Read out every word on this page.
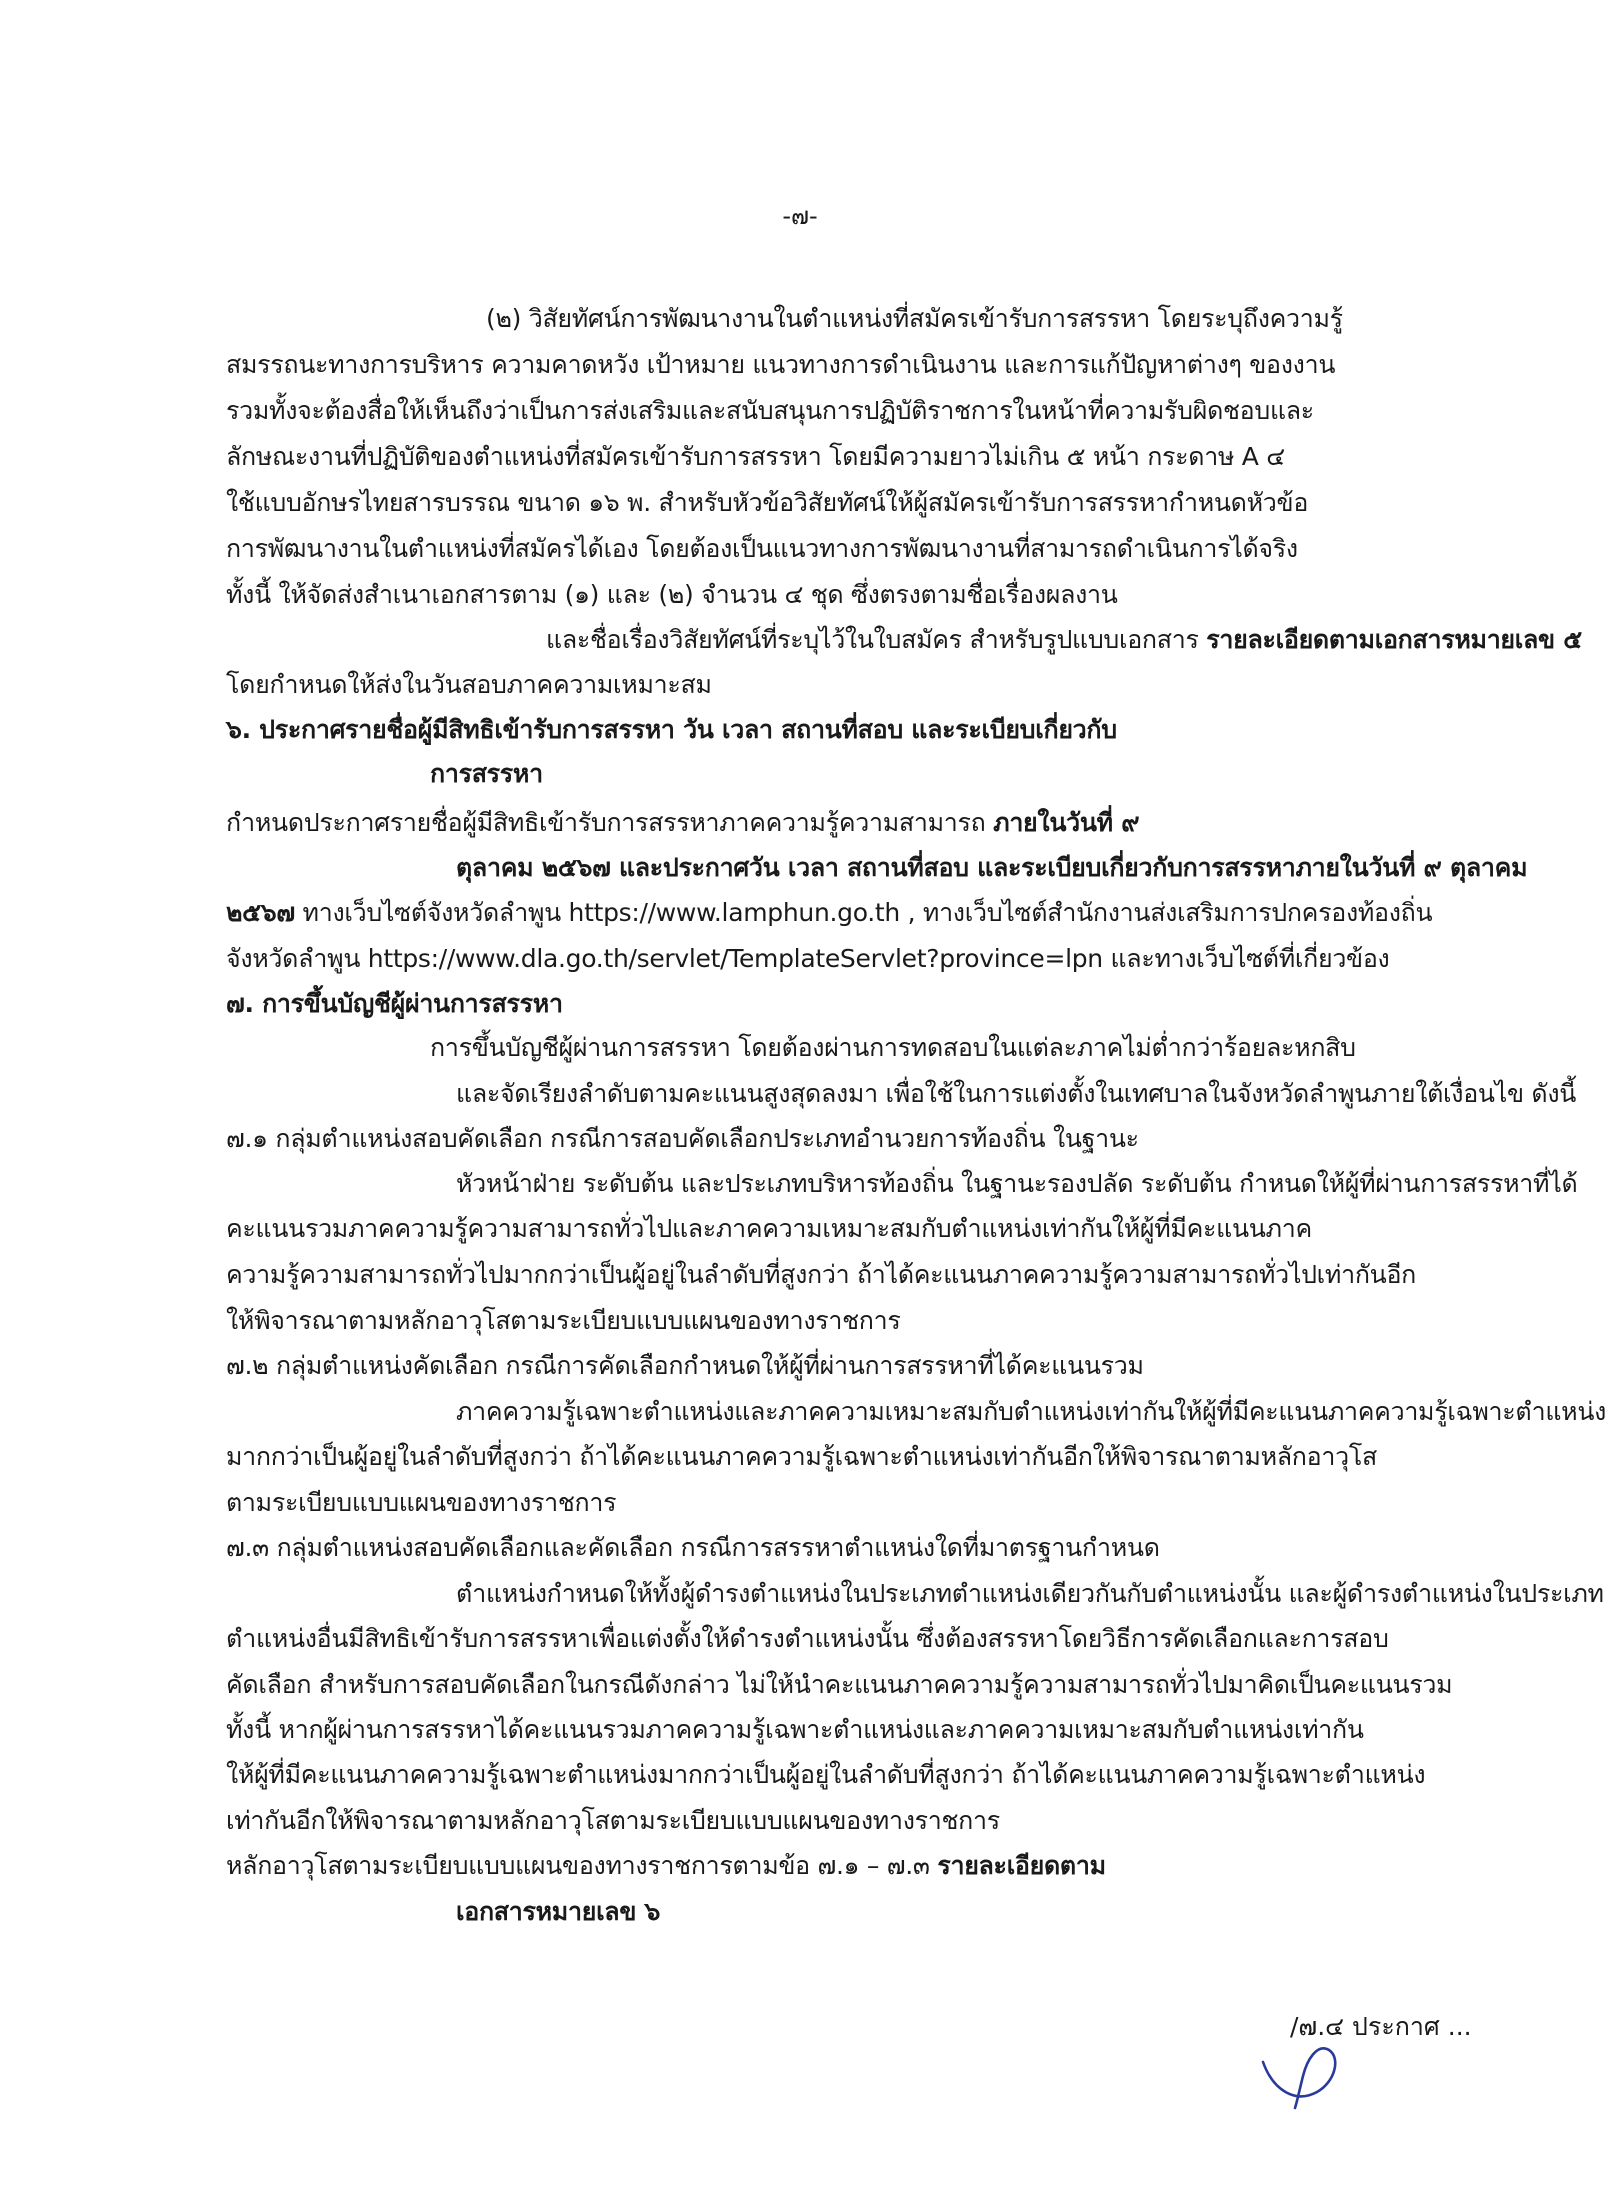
-๗-
(๒) วิสัยทัศน์การพัฒนางานในตำแหน่งที่สมัครเข้ารับการสรรหา โดยระบุถึงความรู้
สมรรถนะทางการบริหาร ความคาดหวัง เป้าหมาย แนวทางการดำเนินงาน และการแก้ปัญหาต่างๆ ของงาน
รวมทั้งจะต้องสื่อให้เห็นถึงว่าเป็นการส่งเสริมและสนับสนุนการปฏิบัติราชการในหน้าที่ความรับผิดชอบและ
ลักษณะงานที่ปฏิบัติของตำแหน่งที่สมัครเข้ารับการสรรหา โดยมีความยาวไม่เกิน ๕ หน้า กระดาษ A ๔
ใช้แบบอักษรไทยสารบรรณ ขนาด ๑๖ พ. สำหรับหัวข้อวิสัยทัศน์ให้ผู้สมัครเข้ารับการสรรหากำหนดหัวข้อ
การพัฒนางานในตำแหน่งที่สมัครได้เอง โดยต้องเป็นแนวทางการพัฒนางานที่สามารถดำเนินการได้จริง
ทั้งนี้ ให้จัดส่งสำเนาเอกสารตาม (๑) และ (๒) จำนวน ๔ ชุด ซึ่งตรงตามชื่อเรื่องผลงาน
และชื่อเรื่องวิสัยทัศน์ที่ระบุไว้ในใบสมัคร สำหรับรูปแบบเอกสาร รายละเอียดตามเอกสารหมายเลข ๕
โดยกำหนดให้ส่งในวันสอบภาคความเหมาะสม
๖. ประกาศรายชื่อผู้มีสิทธิเข้ารับการสรรหา วัน เวลา สถานที่สอบ และระเบียบเกี่ยวกับ
การสรรหา
กำหนดประกาศรายชื่อผู้มีสิทธิเข้ารับการสรรหาภาคความรู้ความสามารถ ภายในวันที่ ๙
ตุลาคม ๒๕๖๗ และประกาศวัน เวลา สถานที่สอบ และระเบียบเกี่ยวกับการสรรหาภายในวันที่ ๙ ตุลาคม
๒๕๖๗ ทางเว็บไซต์จังหวัดลำพูน https://www.lamphun.go.th , ทางเว็บไซต์สำนักงานส่งเสริมการปกครองท้องถิ่น
จังหวัดลำพูน https://www.dla.go.th/servlet/TemplateServlet?province=lpn และทางเว็บไซต์ที่เกี่ยวข้อง
๗. การขึ้นบัญชีผู้ผ่านการสรรหา
การขึ้นบัญชีผู้ผ่านการสรรหา โดยต้องผ่านการทดสอบในแต่ละภาคไม่ต่ำกว่าร้อยละหกสิบ
และจัดเรียงลำดับตามคะแนนสูงสุดลงมา เพื่อใช้ในการแต่งตั้งในเทศบาลในจังหวัดลำพูนภายใต้เงื่อนไข ดังนี้
๗.๑ กลุ่มตำแหน่งสอบคัดเลือก กรณีการสอบคัดเลือกประเภทอำนวยการท้องถิ่น ในฐานะ
หัวหน้าฝ่าย ระดับต้น และประเภทบริหารท้องถิ่น ในฐานะรองปลัด ระดับต้น กำหนดให้ผู้ที่ผ่านการสรรหาที่ได้
คะแนนรวมภาคความรู้ความสามารถทั่วไปและภาคความเหมาะสมกับตำแหน่งเท่ากันให้ผู้ที่มีคะแนนภาค
ความรู้ความสามารถทั่วไปมากกว่าเป็นผู้อยู่ในลำดับที่สูงกว่า ถ้าได้คะแนนภาคความรู้ความสามารถทั่วไปเท่ากันอีก
ให้พิจารณาตามหลักอาวุโสตามระเบียบแบบแผนของทางราชการ
๗.๒ กลุ่มตำแหน่งคัดเลือก กรณีการคัดเลือกกำหนดให้ผู้ที่ผ่านการสรรหาที่ได้คะแนนรวม
ภาคความรู้เฉพาะตำแหน่งและภาคความเหมาะสมกับตำแหน่งเท่ากันให้ผู้ที่มีคะแนนภาคความรู้เฉพาะตำแหน่ง
มากกว่าเป็นผู้อยู่ในลำดับที่สูงกว่า ถ้าได้คะแนนภาคความรู้เฉพาะตำแหน่งเท่ากันอีกให้พิจารณาตามหลักอาวุโส
ตามระเบียบแบบแผนของทางราชการ
๗.๓ กลุ่มตำแหน่งสอบคัดเลือกและคัดเลือก กรณีการสรรหาตำแหน่งใดที่มาตรฐานกำหนด
ตำแหน่งกำหนดให้ทั้งผู้ดำรงตำแหน่งในประเภทตำแหน่งเดียวกันกับตำแหน่งนั้น และผู้ดำรงตำแหน่งในประเภท
ตำแหน่งอื่นมีสิทธิเข้ารับการสรรหาเพื่อแต่งตั้งให้ดำรงตำแหน่งนั้น ซึ่งต้องสรรหาโดยวิธีการคัดเลือกและการสอบ
คัดเลือก สำหรับการสอบคัดเลือกในกรณีดังกล่าว ไม่ให้นำคะแนนภาคความรู้ความสามารถทั่วไปมาคิดเป็นคะแนนรวม
ทั้งนี้ หากผู้ผ่านการสรรหาได้คะแนนรวมภาคความรู้เฉพาะตำแหน่งและภาคความเหมาะสมกับตำแหน่งเท่ากัน
ให้ผู้ที่มีคะแนนภาคความรู้เฉพาะตำแหน่งมากกว่าเป็นผู้อยู่ในลำดับที่สูงกว่า ถ้าได้คะแนนภาคความรู้เฉพาะตำแหน่ง
เท่ากันอีกให้พิจารณาตามหลักอาวุโสตามระเบียบแบบแผนของทางราชการ
หลักอาวุโสตามระเบียบแบบแผนของทางราชการตามข้อ ๗.๑ – ๗.๓ รายละเอียดตาม
เอกสารหมายเลข ๖
/๗.๔ ประกาศ ...
